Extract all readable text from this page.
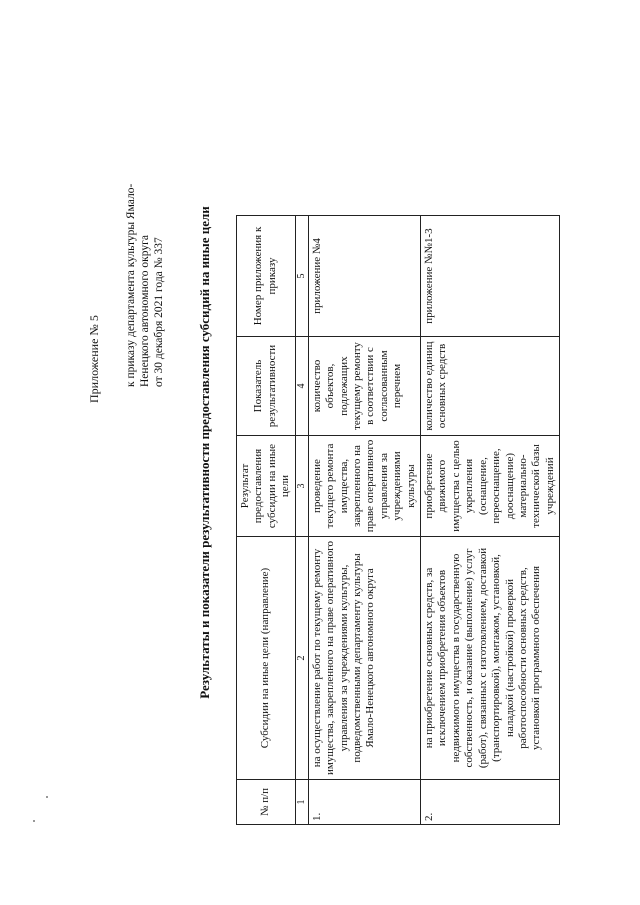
Приложение № 5 к приказу департамента культуры Ямало- Ненецкого автономного округа от 30 декабря 2021 года № 337 Результаты и показатели результативности предоставления субсидий на иные цели
№ п/п	Субсидии на иные цели (направление)	Результат предоставления субсидии на иные цели	Показатель результативности	Номер приложения к приказу
1	2	3	4	5
1.	на осуществление работ по текущему ремонту имущества, закрепленного на праве оперативного управления за учреждениями культуры, подведомственными департаменту культуры Ямало-Ненецкого автономного округа	проведение текущего ремонта имущества, закрепленного на праве оперативного управления за учреждениями культуры	количество объектов, подлежащих текущему ремонту в соответствии с согласованным перечнем	приложение №4
2.	на приобретение основных средств, за исключением приобретения объектов недвижимого имущества в государственную собственность, и оказание (выполнение) услуг (работ), связанных с изготовлением, доставкой (транспортировкой), монтажом, установкой, наладкой (настройкой) проверкой работоспособности основных средств, установкой программного обеспечения	приобретение движимого имущества с целью укрепления (оснащение, переоснащение, дооснащение) материально-технической базы учреждений	количество единиц основных средств	приложение №№1-3
